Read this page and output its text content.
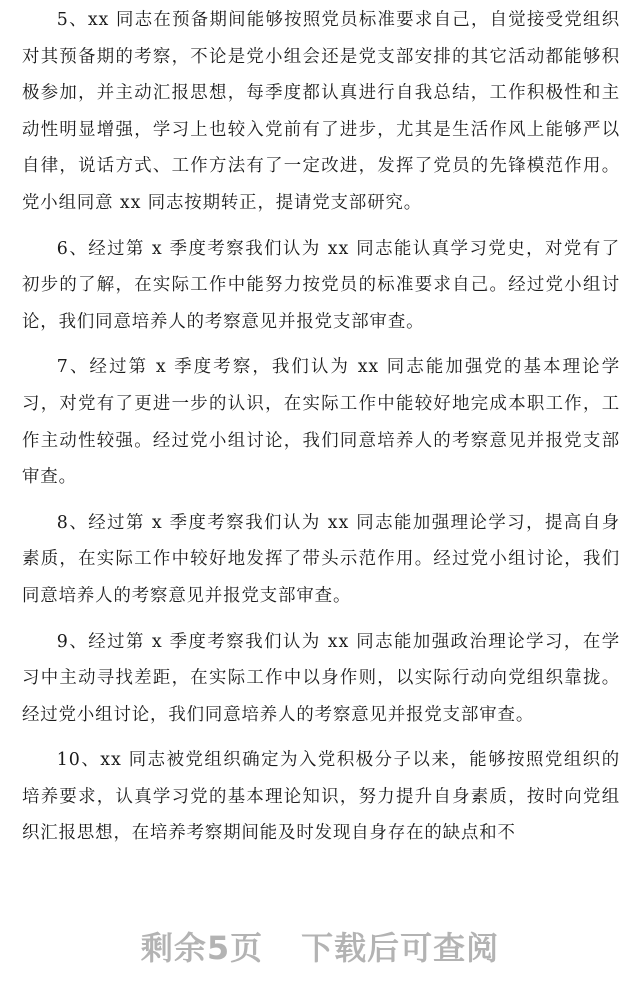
5、xx 同志在预备期间能够按照党员标准要求自己，自觉接受党组织对其预备期的考察，不论是党小组会还是党支部安排的其它活动都能够积极参加，并主动汇报思想，每季度都认真进行自我总结，工作积极性和主动性明显增强，学习上也较入党前有了进步，尤其是生活作风上能够严以自律，说话方式、工作方法有了一定改进，发挥了党员的先锋模范作用。党小组同意 xx 同志按期转正，提请党支部研究。

6、经过第 x 季度考察我们认为 xx 同志能认真学习党史，对党有了初步的了解，在实际工作中能努力按党员的标准要求自己。经过党小组讨论，我们同意培养人的考察意见并报党支部审查。

7、经过第 x 季度考察，我们认为 xx 同志能加强党的基本理论学习，对党有了更进一步的认识，在实际工作中能较好地完成本职工作，工作主动性较强。经过党小组讨论，我们同意培养人的考察意见并报党支部审查。

8、经过第 x 季度考察我们认为 xx 同志能加强理论学习，提高自身素质，在实际工作中较好地发挥了带头示范作用。经过党小组讨论，我们同意培养人的考察意见并报党支部审查。

9、经过第 x 季度考察我们认为 xx 同志能加强政治理论学习，在学习中主动寻找差距，在实际工作中以身作则，以实际行动向党组织靠拢。经过党小组讨论，我们同意培养人的考察意见并报党支部审查。

10、xx 同志被党组织确定为入党积极分子以来，能够按照党组织的培养要求，认真学习党的基本理论知识，努力提升自身素质，按时向党组织汇报思想，在培养考察期间能及时发现自身存在的缺点和不

剩余5页 下载后可查阅
